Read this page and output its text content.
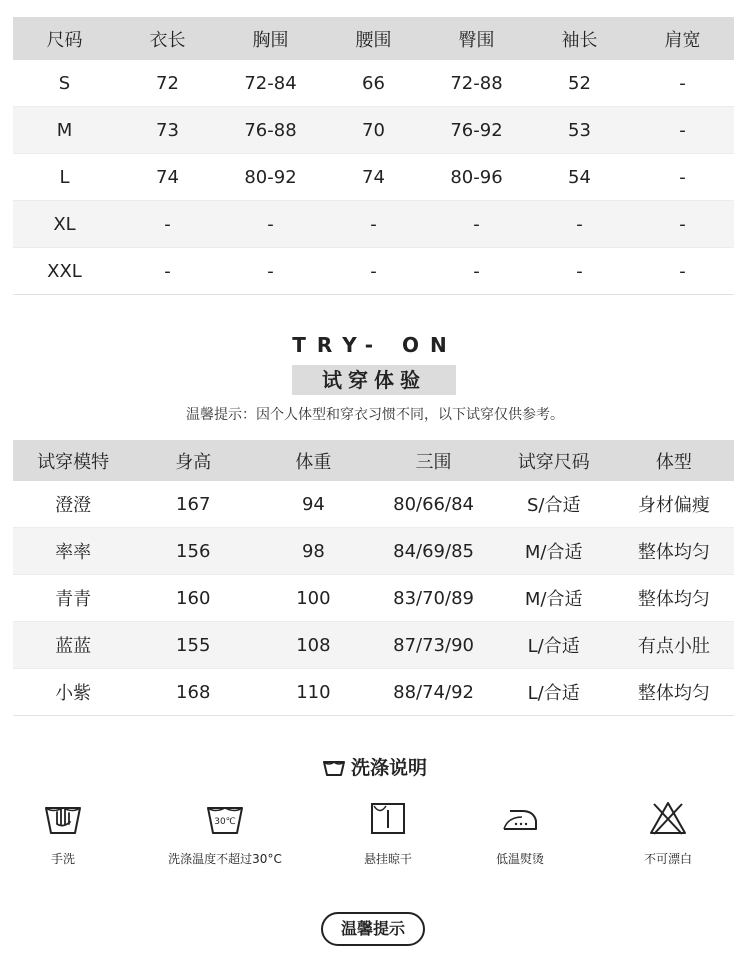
尺码	衣长	胸围	腰围	臀围	袖长	肩宽
S	72	72-84	66	72-88	52	-
M	73	76-88	70	76-92	53	-
L	74	80-92	74	80-96	54	-
XL	-	-	-	-	-	-
XXL	-	-	-	-	-	-
TRY- ON
试穿体验
温馨提示：因个人体型和穿衣习惯不同，以下试穿仅供参考。
试穿模特	身高	体重	三围	试穿尺码	体型
澄澄	167	94	80/66/84	S/合适	身材偏瘦
率率	156	98	84/69/85	M/合适	整体均匀
青青	160	100	83/70/89	M/合适	整体均匀
蓝蓝	155	108	87/73/90	L/合适	有点小肚
小紫	168	110	88/74/92	L/合适	整体均匀
洗涤说明
手洗
30℃
洗涤温度不超过30°C	悬挂晾干	低温熨烫	不可漂白
温馨提示
